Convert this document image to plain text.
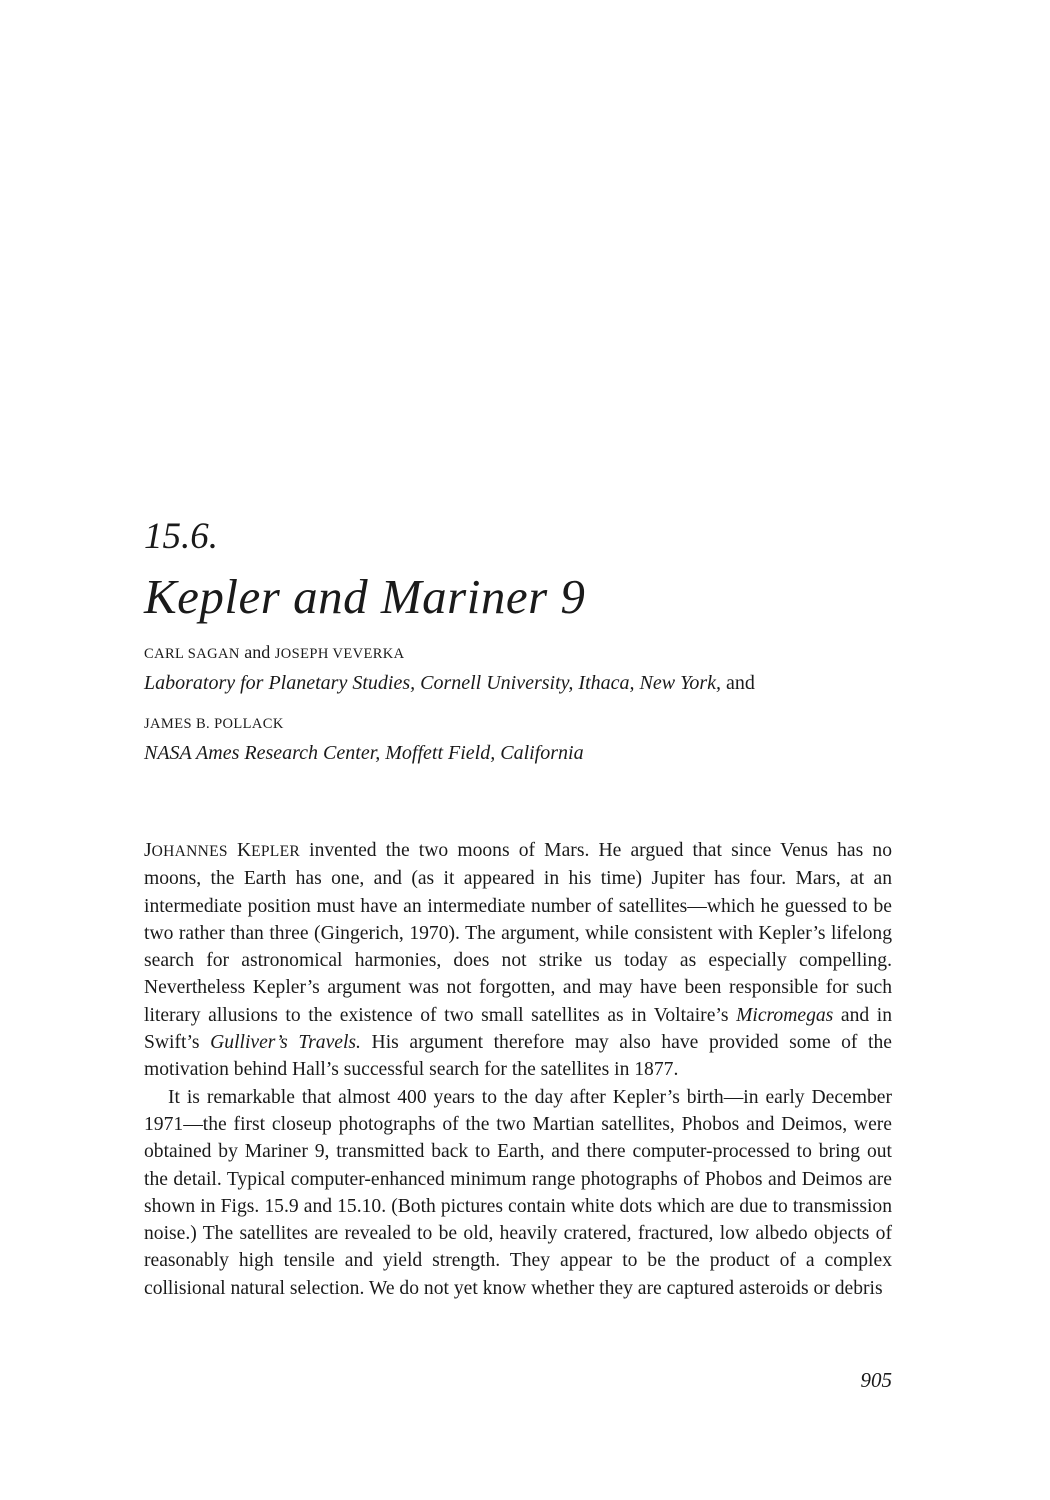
15.6.
Kepler and Mariner 9
CARL SAGAN and JOSEPH VEVERKA
Laboratory for Planetary Studies, Cornell University, Ithaca, New York, and
JAMES B. POLLACK
NASA Ames Research Center, Moffett Field, California

JOHANNES KEPLER invented the two moons of Mars. He argued that since Venus has no moons, the Earth has one, and (as it appeared in his time) Jupiter has four. Mars, at an intermediate position must have an intermediate number of satellites—which he guessed to be two rather than three (Gingerich, 1970). The argument, while consistent with Kepler’s lifelong search for astronomical harmonies, does not strike us today as especially compelling. Nevertheless Kepler’s argument was not forgotten, and may have been responsible for such literary allusions to the existence of two small satellites as in Voltaire’s Micromegas and in Swift’s Gulliver’s Travels. His argument therefore may also have provided some of the motivation behind Hall’s successful search for the satellites in 1877.

It is remarkable that almost 400 years to the day after Kepler’s birth—in early December 1971—the first closeup photographs of the two Martian satellites, Phobos and Deimos, were obtained by Mariner 9, transmitted back to Earth, and there computer-processed to bring out the detail. Typical computer-enhanced minimum range photographs of Phobos and Deimos are shown in Figs. 15.9 and 15.10. (Both pictures contain white dots which are due to transmission noise.) The satellites are revealed to be old, heavily cratered, fractured, low albedo objects of reasonably high tensile and yield strength. They appear to be the product of a complex collisional natural selection. We do not yet know whether they are captured asteroids or debris

905
